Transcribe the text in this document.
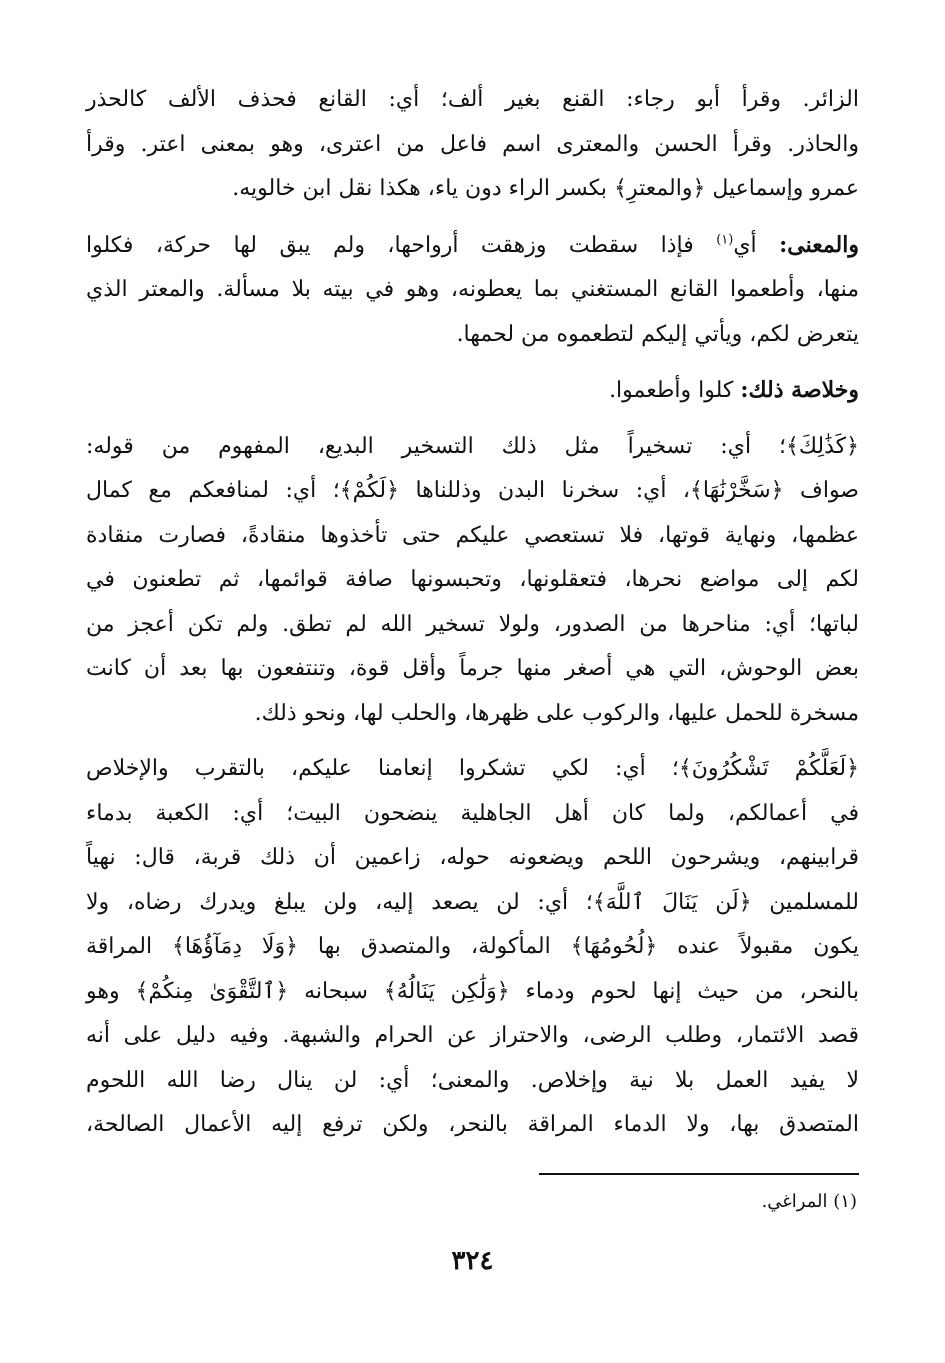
الزائر. وقرأ أبو رجاء: القنع بغير ألف؛ أي: القانع فحذف الألف كالحذر
والحاذر. وقرأ الحسن والمعترى اسم فاعل من اعترى، وهو بمعنى اعتر. وقرأ
عمرو وإسماعيل ﴿والمعترِ﴾ بكسر الراء دون ياء، هكذا نقل ابن خالويه.

والمعنى: أي$^{(١)}$ فإذا سقطت وزهقت أرواحها، ولم يبق لها حركة، فكلوا
منها، وأطعموا القانع المستغني بما يعطونه، وهو في بيته بلا مسألة. والمعتر الذي
يتعرض لكم، ويأتي إليكم لتطعموه من لحمها.

وخلاصة ذلك: كلوا وأطعموا.

﴿كَذَٰلِكَ﴾؛ أي: تسخيراً مثل ذلك التسخير البديع، المفهوم من قوله:
صواف ﴿سَخَّرْنَٰهَا﴾، أي: سخرنا البدن وذللناها ﴿لَكُمْ﴾؛ أي: لمنافعكم مع كمال
عظمها، ونهاية قوتها، فلا تستعصي عليكم حتى تأخذوها منقادةً، فصارت منقادة
لكم إلى مواضع نحرها، فتعقلونها، وتحبسونها صافة قوائمها، ثم تطعنون في
لباتها؛ أي: مناحرها من الصدور، ولولا تسخير الله لم تطق. ولم تكن أعجز من
بعض الوحوش، التي هي أصغر منها جرماً وأقل قوة، وتنتفعون بها بعد أن كانت
مسخرة للحمل عليها، والركوب على ظهرها، والحلب لها، ونحو ذلك.

﴿لَعَلَّكُمْ تَشْكُرُونَ﴾؛ أي: لكي تشكروا إنعامنا عليكم، بالتقرب والإخلاص
في أعمالكم، ولما كان أهل الجاهلية ينضحون البيت؛ أي: الكعبة بدماء
قرابينهم، ويشرحون اللحم ويضعونه حوله، زاعمين أن ذلك قربة، قال: نهياً
للمسلمين ﴿لَن يَنَالَ ٱللَّهَ﴾؛ أي: لن يصعد إليه، ولن يبلغ ويدرك رضاه، ولا
يكون مقبولاً عنده ﴿لُحُومُهَا﴾ المأكولة، والمتصدق بها ﴿وَلَا دِمَآؤُهَا﴾ المراقة
بالنحر، من حيث إنها لحوم ودماء ﴿وَلَٰكِن يَنَالُهُ﴾ سبحانه ﴿ٱلتَّقْوَىٰ مِنكُمْ﴾ وهو
قصد الائتمار، وطلب الرضى، والاحتراز عن الحرام والشبهة. وفيه دليل على أنه
لا يفيد العمل بلا نية وإخلاص. والمعنى؛ أي: لن ينال رضا الله اللحوم
المتصدق بها، ولا الدماء المراقة بالنحر، ولكن ترفع إليه الأعمال الصالحة،

(١) المراغي.
٣٢٤
